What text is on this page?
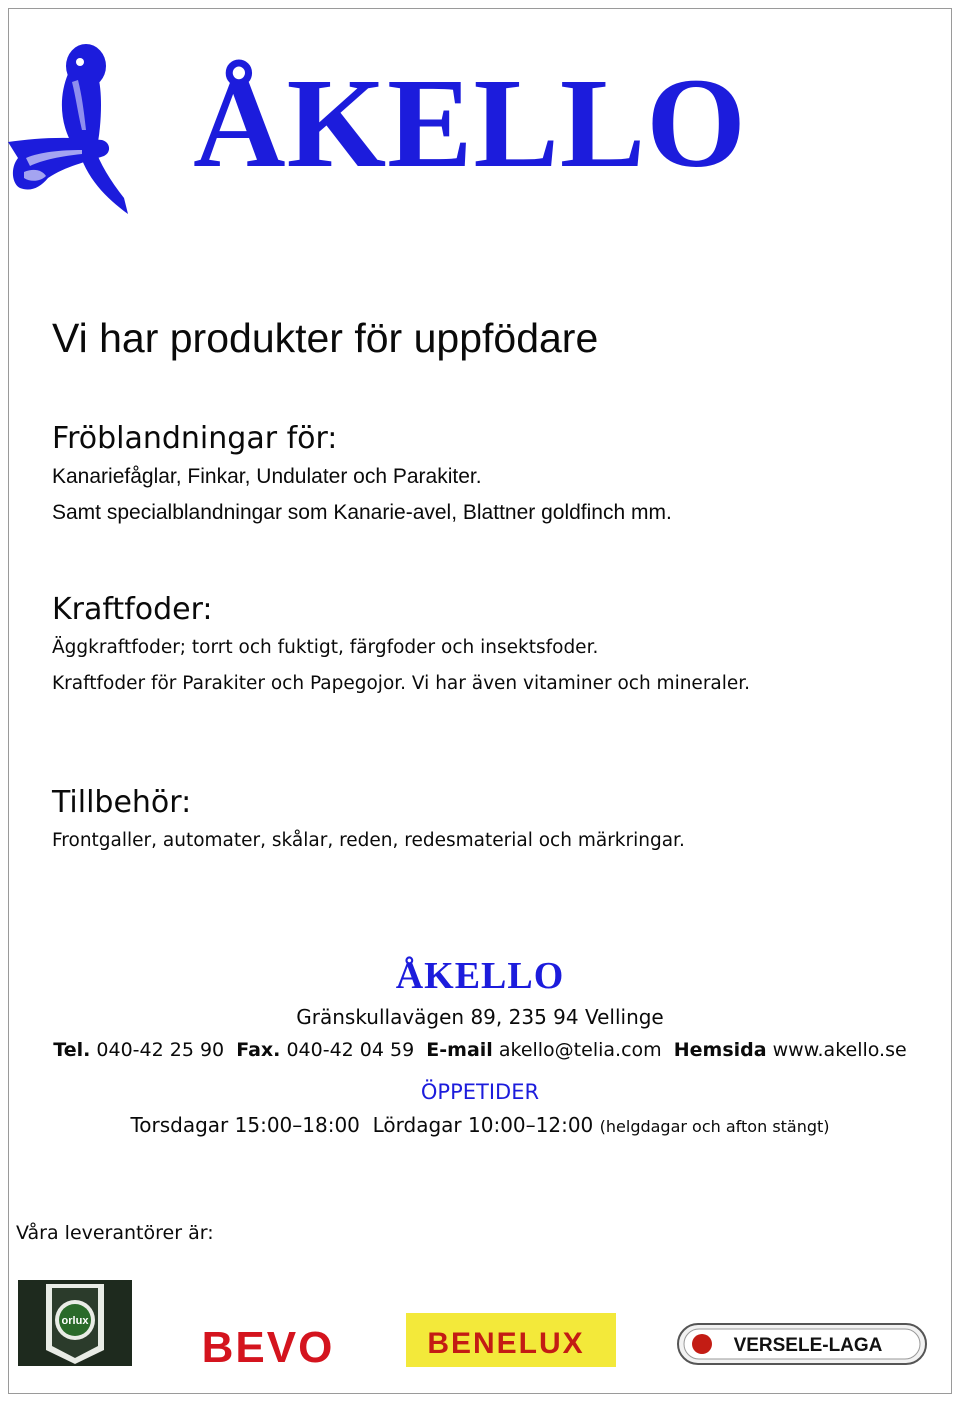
ÅKELLO
Vi har produkter för uppfödare
Fröblandningar för:
Kanariefåglar, Finkar, Undulater och Parakiter.
Samt specialblandningar som Kanarie-avel, Blattner goldfinch mm.
Kraftfoder:
Äggkraftfoder; torrt och fuktigt, färgfoder och insektsfoder.
Kraftfoder för Parakiter och Papegojor. Vi har även vitaminer och mineraler.
Tillbehör:
Frontgaller, automater, skålar, reden, redesmaterial och märkringar.
ÅKELLO
Gränskullavägen 89, 235 94 Vellinge
Tel. 040-42 25 90 Fax. 040-42 04 59 E-mail akello@telia.com Hemsida www.akello.se
ÖPPETIDER
Torsdagar 15:00–18:00 Lördagar 10:00–12:00 (helgdagar och afton stängt)
Våra leverantörer är:
orlux
BEVO	BENELUX	VERSELE-LAGA
